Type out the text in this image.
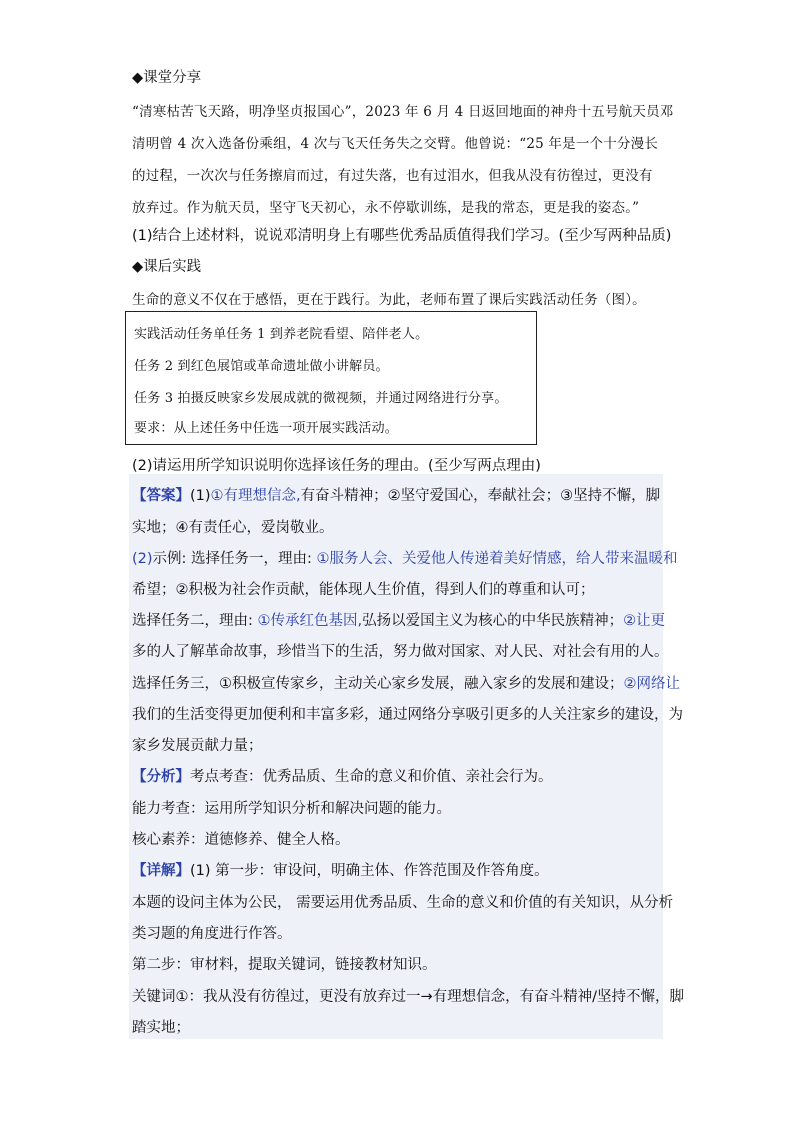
◆课堂分享

“清寒枯苦飞天路，明净坚贞报国心”，2023 年 6 月 4 日返回地面的神舟十五号航天员邓

清明曾 4 次入选备份乘组，4 次与飞天任务失之交臂。他曾说：“25 年是一个十分漫长

的过程，一次次与任务擦肩而过，有过失落，也有过泪水，但我从没有彷徨过，更没有

放弃过。作为航天员，坚守飞天初心，永不停歇训练，是我的常态，更是我的姿态。”

(1)结合上述材料，说说邓清明身上有哪些优秀品质值得我们学习。(至少写两种品质)

◆课后实践

生命的意义不仅在于感悟，更在于践行。为此，老师布置了课后实践活动任务（图）。

实践活动任务单任务 1 到养老院看望、陪伴老人。

任务 2 到红色展馆或革命遗址做小讲解员。

任务 3 拍摄反映家乡发展成就的微视频，并通过网络进行分享。

要求：从上述任务中任选一项开展实践活动。

(2)请运用所学知识说明你选择该任务的理由。(至少写两点理由)

【答案】(1)①有理想信念,有奋斗精神；②坚守爱国心，奉献社会；③坚持不懈，脚

实地；④有责任心，爱岗敬业。

(2)示例: 选择任务一，理由: ①服务人会、关爱他人传递着美好情感，给人带来温暖和

希望；②积极为社会作贡献，能体现人生价值，得到人们的尊重和认可；

选择任务二，理由: ①传承红色基因,弘扬以爱国主义为核心的中华民族精神；②让更

多的人了解革命故事，珍惜当下的生活，努力做对国家、对人民、对社会有用的人。

选择任务三，①积极宣传家乡，主动关心家乡发展，融入家乡的发展和建设；②网络让

我们的生活变得更加便利和丰富多彩，通过网络分享吸引更多的人关注家乡的建设，为

家乡发展贡献力量；

【分析】考点考查：优秀品质、生命的意义和价值、亲社会行为。

能力考查：运用所学知识分析和解决问题的能力。

核心素养：道德修养、健全人格。

【详解】(1) 第一步：审设问，明确主体、作答范围及作答角度。

本题的设问主体为公民， 需要运用优秀品质、生命的意义和价值的有关知识，从分析

类习题的角度进行作答。

第二步：审材料，提取关键词，链接教材知识。

关键词①：我从没有彷徨过，更没有放弃过一→有理想信念，有奋斗精神/坚持不懈，脚

踏实地；
